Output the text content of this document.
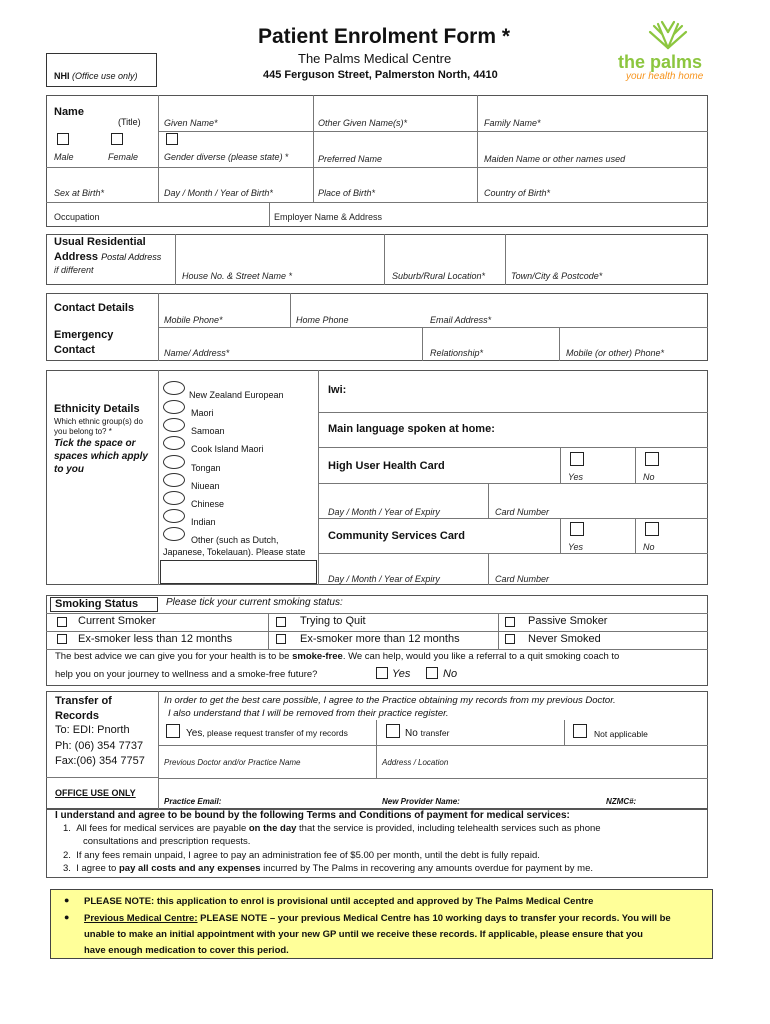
Patient Enrolment Form *
The Palms Medical Centre
445 Ferguson Street, Palmerston North, 4410
NHI (Office use only)
the palms
your health home
Name
(Title)	Given Name*	Other Given Name(s)*	Family Name*
Male	Female	Gender diverse (please state) *	Preferred Name	Maiden Name or other names used
Sex at Birth*	Day / Month / Year of Birth*	Place of Birth*	Country of Birth*
Occupation	Employer Name & Address
Usual Residential
Address Postal Address
if different
House No. & Street Name *	Suburb/Rural Location*	Town/City & Postcode*
Contact Details
Mobile Phone*	Home Phone	Email Address*
Emergency
Contact	Name/ Address*	Relationship*	Mobile (or other) Phone*
Ethnicity Details
Which ethnic group(s) do
you belong to? *
Tick the space or
spaces which apply
to you
New Zealand European
Maori
Samoan
Cook Island Maori
Tongan
Niuean
Chinese
Indian
Other (such as Dutch,
Japanese, Tokelauan). Please state
Iwi:
Main language spoken at home:
High User Health Card
Yes	No
Day / Month / Year of Expiry	Card Number
Community Services Card
Yes	No
Day / Month / Year of Expiry	Card Number
Smoking Status	Please tick your current smoking status:
Current Smoker	Trying to Quit	Passive Smoker
Ex-smoker less than 12 months	Ex-smoker more than 12 months	Never Smoked
The best advice we can give you for your health is to be smoke-free. We can help, would you like a referral to a quit smoking coach to
help you on your journey to wellness and a smoke-free future?	Yes	No
Transfer of
Records
To: EDI: Pnorth
Ph: (06) 354 7737
Fax:(06) 354 7757
In order to get the best care possible, I agree to the Practice obtaining my records from my previous Doctor.
I also understand that I will be removed from their practice register.
Yes, please request transfer of my records	No transfer	Not applicable
Previous Doctor and/or Practice Name	Address / Location
OFFICE USE ONLY
Practice Email:	New Provider Name:	NZMC#:
I understand and agree to be bound by the following Terms and Conditions of payment for medical services:
1.  All fees for medical services are payable on the day that the service is provided, including telehealth services such as phone
consultations and prescription requests.
2.  If any fees remain unpaid, I agree to pay an administration fee of $5.00 per month, until the debt is fully repaid.
3.  I agree to pay all costs and any expenses incurred by The Palms in recovering any amounts overdue for payment by me.
● PLEASE NOTE: this application to enrol is provisional until accepted and approved by The Palms Medical Centre
● Previous Medical Centre: PLEASE NOTE – your previous Medical Centre has 10 working days to transfer your records. You will be
unable to make an initial appointment with your new GP until we receive these records. If applicable, please ensure that you
have enough medication to cover this period.
